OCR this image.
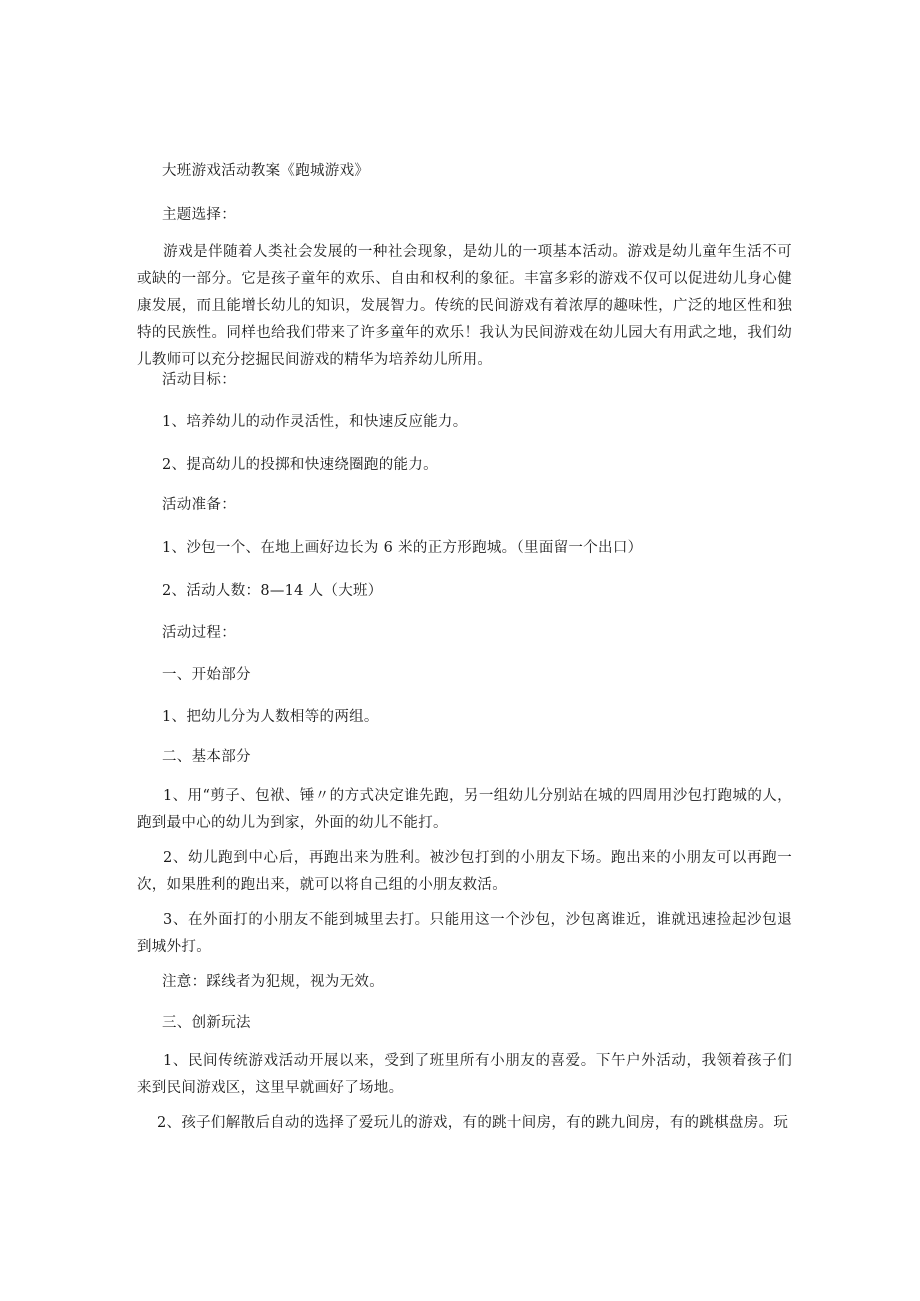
大班游戏活动教案《跑城游戏》
主题选择：
游戏是伴随着人类社会发展的一种社会现象，是幼儿的一项基本活动。游戏是幼儿童年生活不可或缺的一部分。它是孩子童年的欢乐、自由和权利的象征。丰富多彩的游戏不仅可以促进幼儿身心健康发展，而且能增长幼儿的知识，发展智力。传统的民间游戏有着浓厚的趣味性，广泛的地区性和独特的民族性。同样也给我们带来了许多童年的欢乐！我认为民间游戏在幼儿园大有用武之地，我们幼儿教师可以充分挖掘民间游戏的精华为培养幼儿所用。
活动目标：
1、培养幼儿的动作灵活性，和快速反应能力。
2、提高幼儿的投掷和快速绕圈跑的能力。
活动准备：
1、沙包一个、在地上画好边长为 6 米的正方形跑城。（里面留一个出口）
2、活动人数：8—14 人（大班）
活动过程：
一、开始部分
1、把幼儿分为人数相等的两组。
二、基本部分
1、用“剪子、包袱、锤〃的方式决定谁先跑，另一组幼儿分别站在城的四周用沙包打跑城的人，跑到最中心的幼儿为到家，外面的幼儿不能打。
2、幼儿跑到中心后，再跑出来为胜利。被沙包打到的小朋友下场。跑出来的小朋友可以再跑一次，如果胜利的跑出来，就可以将自己组的小朋友救活。
3、在外面打的小朋友不能到城里去打。只能用这一个沙包，沙包离谁近，谁就迅速捡起沙包退到城外打。
注意：踩线者为犯规，视为无效。
三、创新玩法
1、民间传统游戏活动开展以来，受到了班里所有小朋友的喜爱。下午户外活动，我领着孩子们来到民间游戏区，这里早就画好了场地。
2、孩子们解散后自动的选择了爱玩儿的游戏，有的跳十间房，有的跳九间房，有的跳棋盘房。玩
